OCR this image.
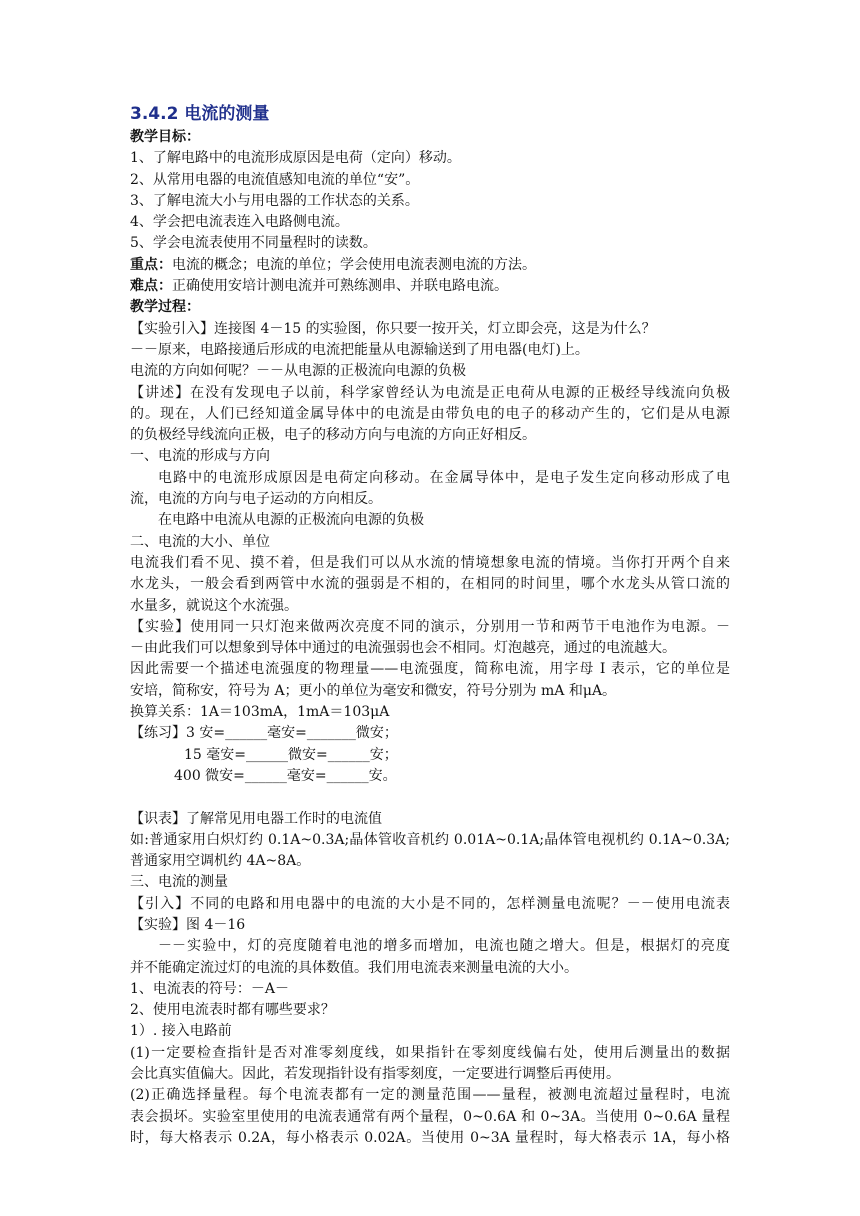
3.4.2 电流的测量
教学目标：
1、了解电路中的电流形成原因是电荷（定向）移动。
2、从常用电器的电流值感知电流的单位“安”。
3、了解电流大小与用电器的工作状态的关系。
4、学会把电流表连入电路侧电流。
5、学会电流表使用不同量程时的读数。
重点：电流的概念；电流的单位；学会使用电流表测电流的方法。
难点：正确使用安培计测电流并可熟练测串、并联电路电流。
教学过程：
【实验引入】连接图 4－15 的实验图，你只要一按开关，灯立即会亮，这是为什么？
－－原来，电路接通后形成的电流把能量从电源输送到了用电器(电灯)上。
电流的方向如何呢？－－从电源的正极流向电源的负极
【讲述】在没有发现电子以前，科学家曾经认为电流是正电荷从电源的正极经导线流向负极
的。现在，人们已经知道金属导体中的电流是由带负电的电子的移动产生的，它们是从电源
的负极经导线流向正极，电子的移动方向与电流的方向正好相反。
一、电流的形成与方向
电路中的电流形成原因是电荷定向移动。在金属导体中，是电子发生定向移动形成了电
流，电流的方向与电子运动的方向相反。
在电路中电流从电源的正极流向电源的负极
二、电流的大小、单位
电流我们看不见、摸不着，但是我们可以从水流的情境想象电流的情境。当你打开两个自来
水龙头，一般会看到两管中水流的强弱是不相的，在相同的时间里，哪个水龙头从管口流的
水量多，就说这个水流强。
【实验】使用同一只灯泡来做两次亮度不同的演示，分别用一节和两节干电池作为电源。－
－由此我们可以想象到导体中通过的电流强弱也会不相同。灯泡越亮，通过的电流越大。
因此需要一个描述电流强度的物理量——电流强度，简称电流，用字母 I 表示，它的单位是
安培，简称安，符号为 A；更小的单位为毫安和微安，符号分别为 mA 和μA。
换算关系：1A＝103mA，1mA＝103μA
【练习】3 安=______毫安=_______微安；
15 毫安=______微安=______安；
400 微安=______毫安=______安。
【识表】了解常见用电器工作时的电流值
如:普通家用白炽灯约 0.1A~0.3A;晶体管收音机约 0.01A~0.1A;晶体管电视机约 0.1A~0.3A;
普通家用空调机约 4A~8A。
三、电流的测量
【引入】不同的电路和用电器中的电流的大小是不同的，怎样测量电流呢？－－使用电流表
【实验】图 4－16
－－实验中，灯的亮度随着电池的增多而增加，电流也随之增大。但是，根据灯的亮度
并不能确定流过灯的电流的具体数值。我们用电流表来测量电流的大小。
1、电流表的符号：－A－
2、使用电流表时都有哪些要求？
1）. 接入电路前
(1)一定要检查指针是否对准零刻度线，如果指针在零刻度线偏右处，使用后测量出的数据
会比真实值偏大。因此，若发现指针设有指零刻度，一定要进行调整后再使用。
(2)正确选择量程。每个电流表都有一定的测量范围——量程，被测电流超过量程时，电流
表会损坏。实验室里使用的电流表通常有两个量程，0~0.6A 和 0~3A。当使用 0~0.6A 量程
时，每大格表示 0.2A，每小格表示 0.02A。当使用 0~3A 量程时，每大格表示 1A，每小格
